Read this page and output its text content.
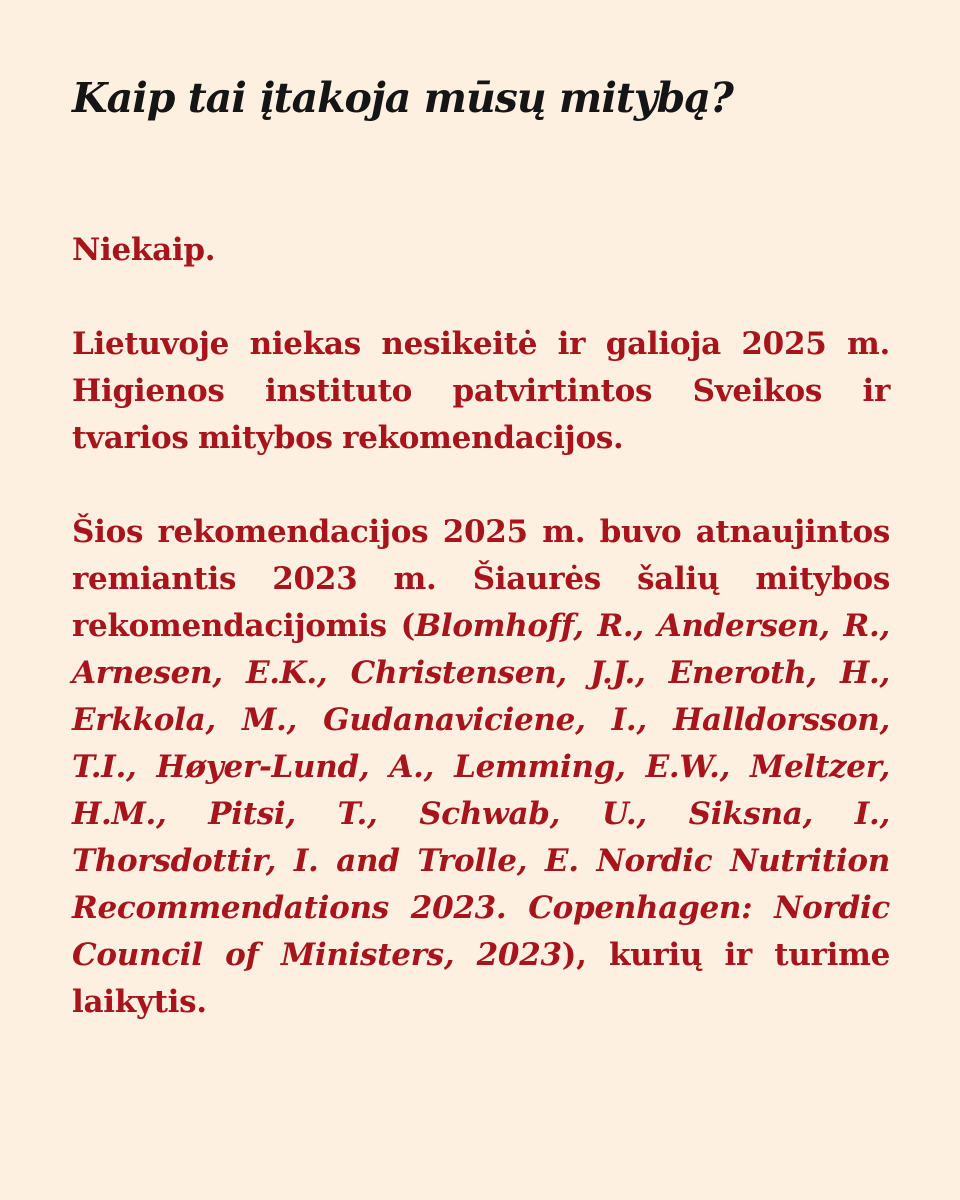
Kaip tai įtakoja mūsų mitybą?

Niekaip.

Lietuvoje niekas nesikeitė ir galioja 2025 m. Higienos instituto patvirtintos Sveikos ir tvarios mitybos rekomendacijos.

Šios rekomendacijos 2025 m. buvo atnaujintos remiantis 2023 m. Šiaurės šalių mitybos rekomendacijomis (Blomhoff, R., Andersen, R., Arnesen, E.K., Christensen, J.J., Eneroth, H., Erkkola, M., Gudanaviciene, I., Halldorsson, T.I., Høyer-Lund, A., Lemming, E.W., Meltzer, H.M., Pitsi, T., Schwab, U., Siksna, I., Thorsdottir, I. and Trolle, E. Nordic Nutrition Recommendations 2023. Copenhagen: Nordic Council of Ministers, 2023), kurių ir turime laikytis.
